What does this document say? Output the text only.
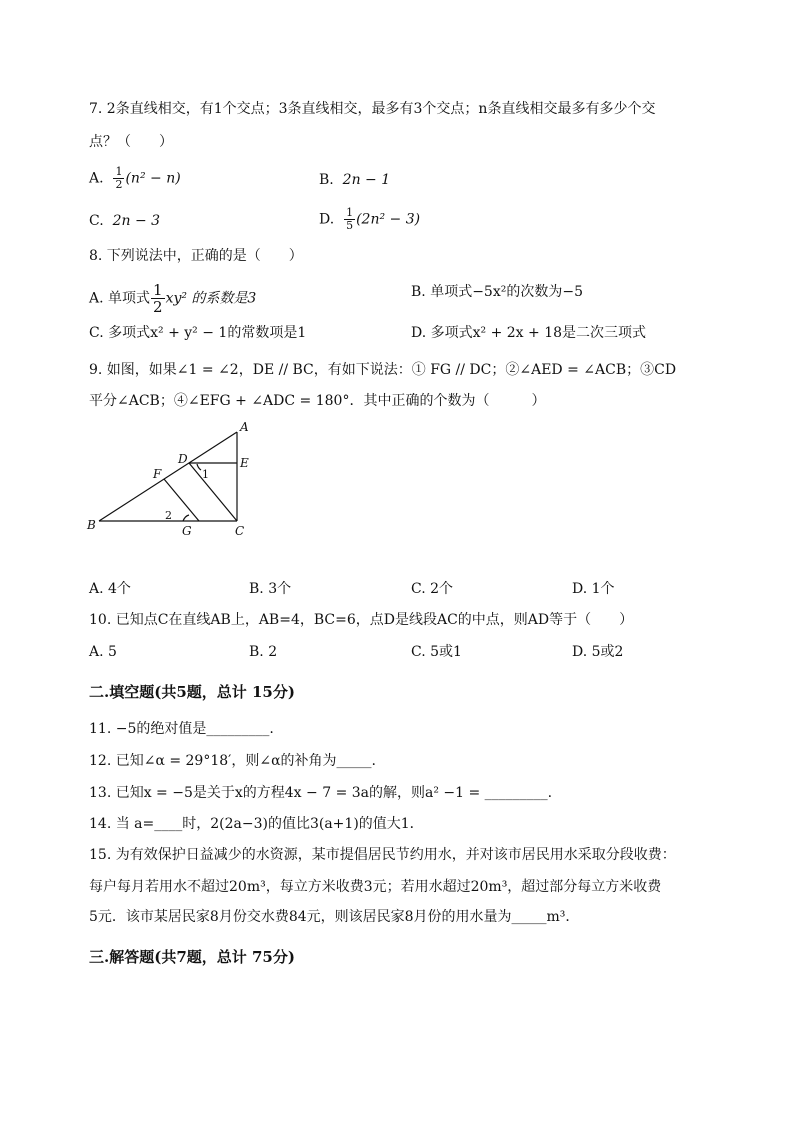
7. 2条直线相交，有1个交点；3条直线相交，最多有3个交点；n条直线相交最多有多少个交
点？（　　）
A. $\frac{1}{2} (n^2 - n)$	B. 2n − 1
C. 2n − 3	D. $\frac{1}{5} (2n^2 - 3)$
8. 下列说法中，正确的是（　　）
A. 单项式 $\frac{1}{2} xy^2$ 的系数是3	B. 单项式−5x²的次数为−5
C. 多项式x² + y² − 1的常数项是1	D. 多项式x² + 2x + 18是二次三项式
9. 如图，如果∠1 = ∠2，DE // BC，有如下说法：① FG // DC；②∠AED = ∠ACB；③CD
平分∠ACB；④∠EFG + ∠ADC = 180°．其中正确的个数为（　　　）
A
B	C
D	E
F
G
1
2
A. 4个	B. 3个	C. 2个	D. 1个
10. 已知点C在直线AB上，AB=4，BC=6，点D是线段AC的中点，则AD等于（　　）
A. 5	B. 2	C. 5或1	D. 5或2
二.填空题(共5题，总计 15分)
11. −5的绝对值是_________.
12. 已知∠α = 29°18′，则∠α的补角为_____.
13. 已知x = −5是关于x的方程4x − 7 = 3a的解，则a² −1 = _________.
14. 当 a=____时，2(2a−3)的值比3(a+1)的值大1．
15. 为有效保护日益减少的水资源，某市提倡居民节约用水，并对该市居民用水采取分段收费：
每户每月若用水不超过20m³，每立方米收费3元；若用水超过20m³，超过部分每立方米收费
5元．该市某居民家8月份交水费84元，则该居民家8月份的用水量为_____m³．
三.解答题(共7题，总计 75分)
